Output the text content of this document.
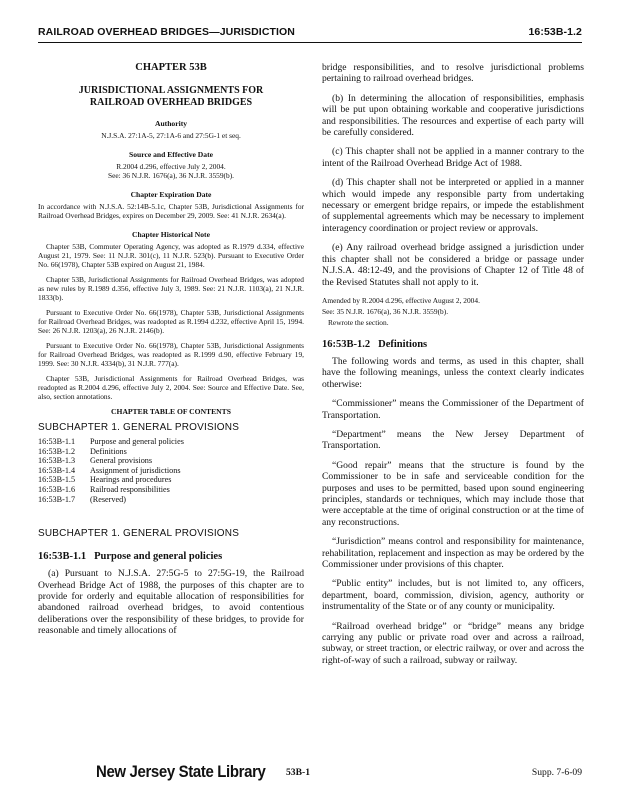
RAILROAD OVERHEAD BRIDGES—JURISDICTION	16:53B-1.2

CHAPTER 53B

JURISDICTIONAL ASSIGNMENTS FOR
RAILROAD OVERHEAD BRIDGES

Authority

N.J.S.A. 27:1A-5, 27:1A-6 and 27:5G-1 et seq.

Source and Effective Date

R.2004 d.296, effective July 2, 2004.

See: 36 N.J.R. 1676(a), 36 N.J.R. 3559(b).

Chapter Expiration Date

In accordance with N.J.S.A. 52:14B-5.1c, Chapter 53B, Jurisdictional Assignments for Railroad Overhead Bridges, expires on December 29, 2009. See: 41 N.J.R. 2634(a).

Chapter Historical Note

Chapter 53B, Commuter Operating Agency, was adopted as R.1979 d.334, effective August 21, 1979. See: 11 N.J.R. 301(c), 11 N.J.R. 523(b). Pursuant to Executive Order No. 66(1978), Chapter 53B expired on August 21, 1984.

Chapter 53B, Jurisdictional Assignments for Railroad Overhead Bridges, was adopted as new rules by R.1989 d.356, effective July 3, 1989. See: 21 N.J.R. 1103(a), 21 N.J.R. 1833(b).

Pursuant to Executive Order No. 66(1978), Chapter 53B, Jurisdictional Assignments for Railroad Overhead Bridges, was readopted as R.1994 d.232, effective April 15, 1994. See: 26 N.J.R. 1203(a), 26 N.J.R. 2146(b).

Pursuant to Executive Order No. 66(1978), Chapter 53B, Jurisdictional Assignments for Railroad Overhead Bridges, was readopted as R.1999 d.90, effective February 19, 1999. See: 30 N.J.R. 4334(b), 31 N.J.R. 777(a).

Chapter 53B, Jurisdictional Assignments for Railroad Overhead Bridges, was readopted as R.2004 d.296, effective July 2, 2004. See: Source and Effective Date. See, also, section annotations.

CHAPTER TABLE OF CONTENTS

SUBCHAPTER 1. GENERAL PROVISIONS

16:53B-1.1	Purpose and general policies
16:53B-1.2	Definitions
16:53B-1.3	General provisions
16:53B-1.4	Assignment of jurisdictions
16:53B-1.5	Hearings and procedures
16:53B-1.6	Railroad responsibilities
16:53B-1.7	(Reserved)

SUBCHAPTER 1. GENERAL PROVISIONS

16:53B-1.1 Purpose and general policies

(a) Pursuant to N.J.S.A. 27:5G-5 to 27:5G-19, the Railroad Overhead Bridge Act of 1988, the purposes of this chapter are to provide for orderly and equitable allocation of responsibilities for abandoned railroad overhead bridges, to avoid contentious deliberations over the responsibility of these bridges, to provide for reasonable and timely allocations of

bridge responsibilities, and to resolve jurisdictional problems pertaining to railroad overhead bridges.

(b) In determining the allocation of responsibilities, emphasis will be put upon obtaining workable and cooperative jurisdictions and responsibilities. The resources and expertise of each party will be carefully considered.

(c) This chapter shall not be applied in a manner contrary to the intent of the Railroad Overhead Bridge Act of 1988.

(d) This chapter shall not be interpreted or applied in a manner which would impede any responsible party from undertaking necessary or emergent bridge repairs, or impede the establishment of supplemental agreements which may be necessary to implement interagency coordination or project review or approvals.

(e) Any railroad overhead bridge assigned a jurisdiction under this chapter shall not be considered a bridge or passage under N.J.S.A. 48:12-49, and the provisions of Chapter 12 of Title 48 of the Revised Statutes shall not apply to it.

Amended by R.2004 d.296, effective August 2, 2004.

See: 35 N.J.R. 1676(a), 36 N.J.R. 3559(b).

Rewrote the section.

16:53B-1.2 Definitions

The following words and terms, as used in this chapter, shall have the following meanings, unless the context clearly indicates otherwise:

“Commissioner” means the Commissioner of the Department of Transportation.

“Department” means the New Jersey Department of Transportation.

“Good repair” means that the structure is found by the Commissioner to be in safe and serviceable condition for the purposes and uses to be permitted, based upon sound engineering principles, standards or techniques, which may include those that were acceptable at the time of original construction or at the time of any reconstructions.

“Jurisdiction” means control and responsibility for maintenance, rehabilitation, replacement and inspection as may be ordered by the Commissioner under provisions of this chapter.

“Public entity” includes, but is not limited to, any officers, department, board, commission, division, agency, authority or instrumentality of the State or of any county or municipality.

“Railroad overhead bridge” or “bridge” means any bridge carrying any public or private road over and across a railroad, subway, or street traction, or electric railway, or over and across the right-of-way of such a railroad, subway or railway.

New Jersey State Library 53B-1	Supp. 7-6-09
